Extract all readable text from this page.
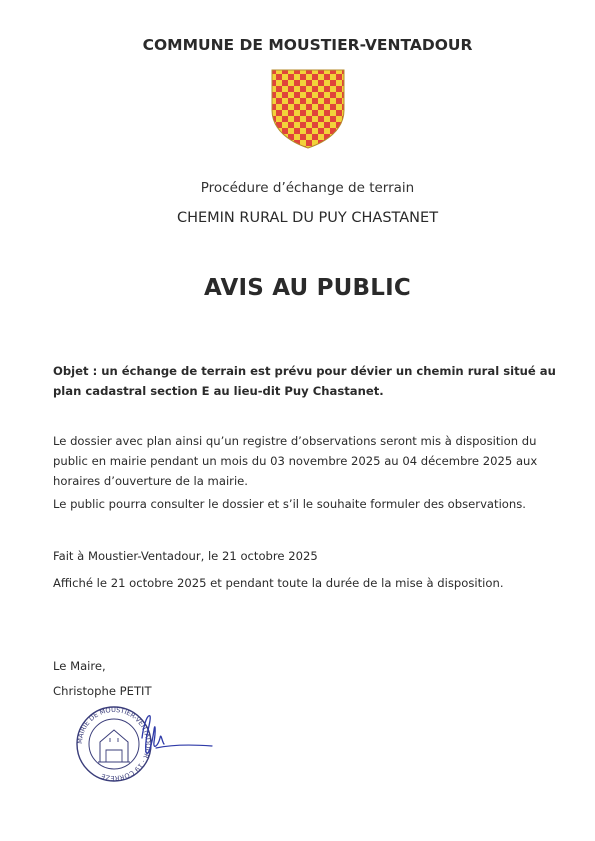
COMMUNE DE MOUSTIER-VENTADOUR
Procédure d’échange de terrain
CHEMIN RURAL DU PUY CHASTANET
AVIS AU PUBLIC
Objet : un échange de terrain est prévu pour dévier un chemin rural situé au plan cadastral section E au lieu-dit Puy Chastanet.
Le dossier avec plan ainsi qu’un registre d’observations seront mis à disposition du public en mairie pendant un mois du 03 novembre 2025 au 04 décembre 2025 aux horaires d’ouverture de la mairie.
Le public pourra consulter le dossier et s’il le souhaite formuler des observations.
Fait à Moustier-Ventadour, le 21 octobre 2025
Affiché le 21 octobre 2025 et pendant toute la durée de la mise à disposition.
Le Maire,
Christophe PETIT
MAIRIE DE MOUSTIER-VENTADOUR · 19 CORREZE
